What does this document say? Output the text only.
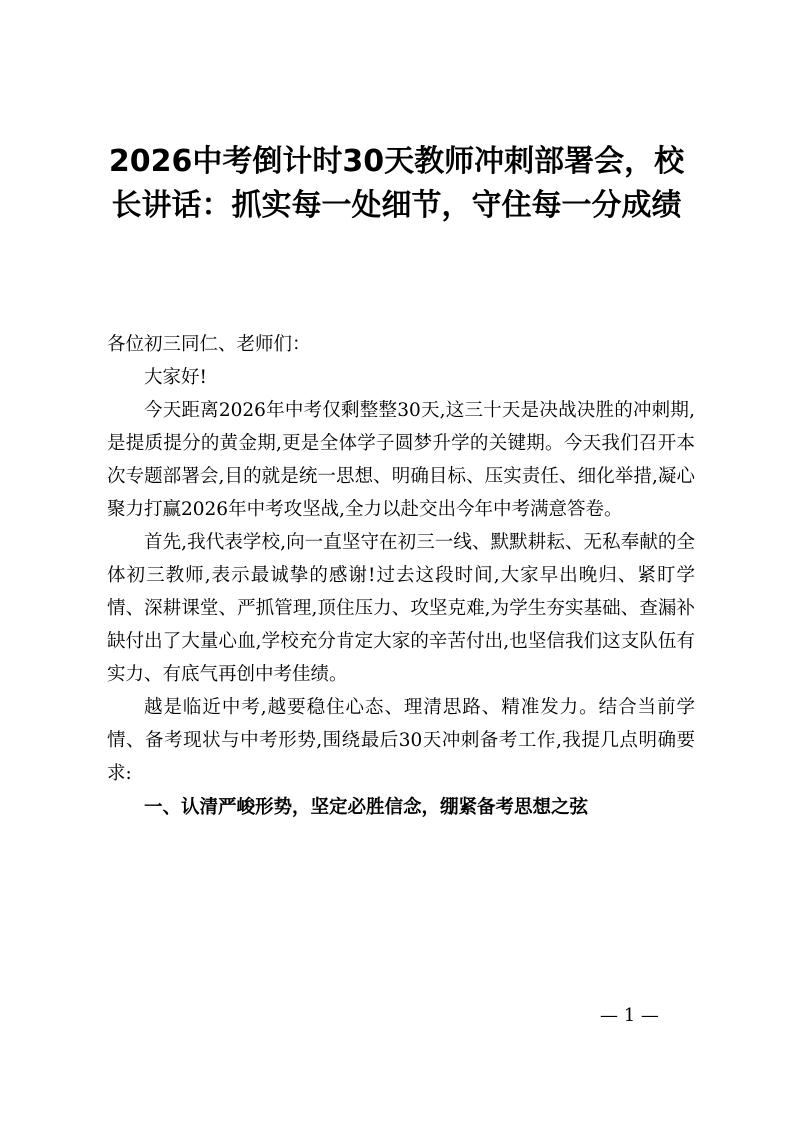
2026中考倒计时30天教师冲刺部署会，校长讲话：抓实每一处细节，守住每一分成绩

各位初三同仁、老师们：

大家好!

今天距离2026年中考仅剩整整30天,这三十天是决战决胜的冲刺期,是提质提分的黄金期,更是全体学子圆梦升学的关键期。今天我们召开本次专题部署会,目的就是统一思想、明确目标、压实责任、细化举措,凝心聚力打赢2026年中考攻坚战,全力以赴交出今年中考满意答卷。

首先,我代表学校,向一直坚守在初三一线、默默耕耘、无私奉献的全体初三教师,表示最诚挚的感谢!过去这段时间,大家早出晚归、紧盯学情、深耕课堂、严抓管理,顶住压力、攻坚克难,为学生夯实基础、查漏补缺付出了大量心血,学校充分肯定大家的辛苦付出,也坚信我们这支队伍有实力、有底气再创中考佳绩。

越是临近中考,越要稳住心态、理清思路、精准发力。结合当前学情、备考现状与中考形势,围绕最后30天冲刺备考工作,我提几点明确要求:

一、认清严峻形势，坚定必胜信念，绷紧备考思想之弦

— 1 —
